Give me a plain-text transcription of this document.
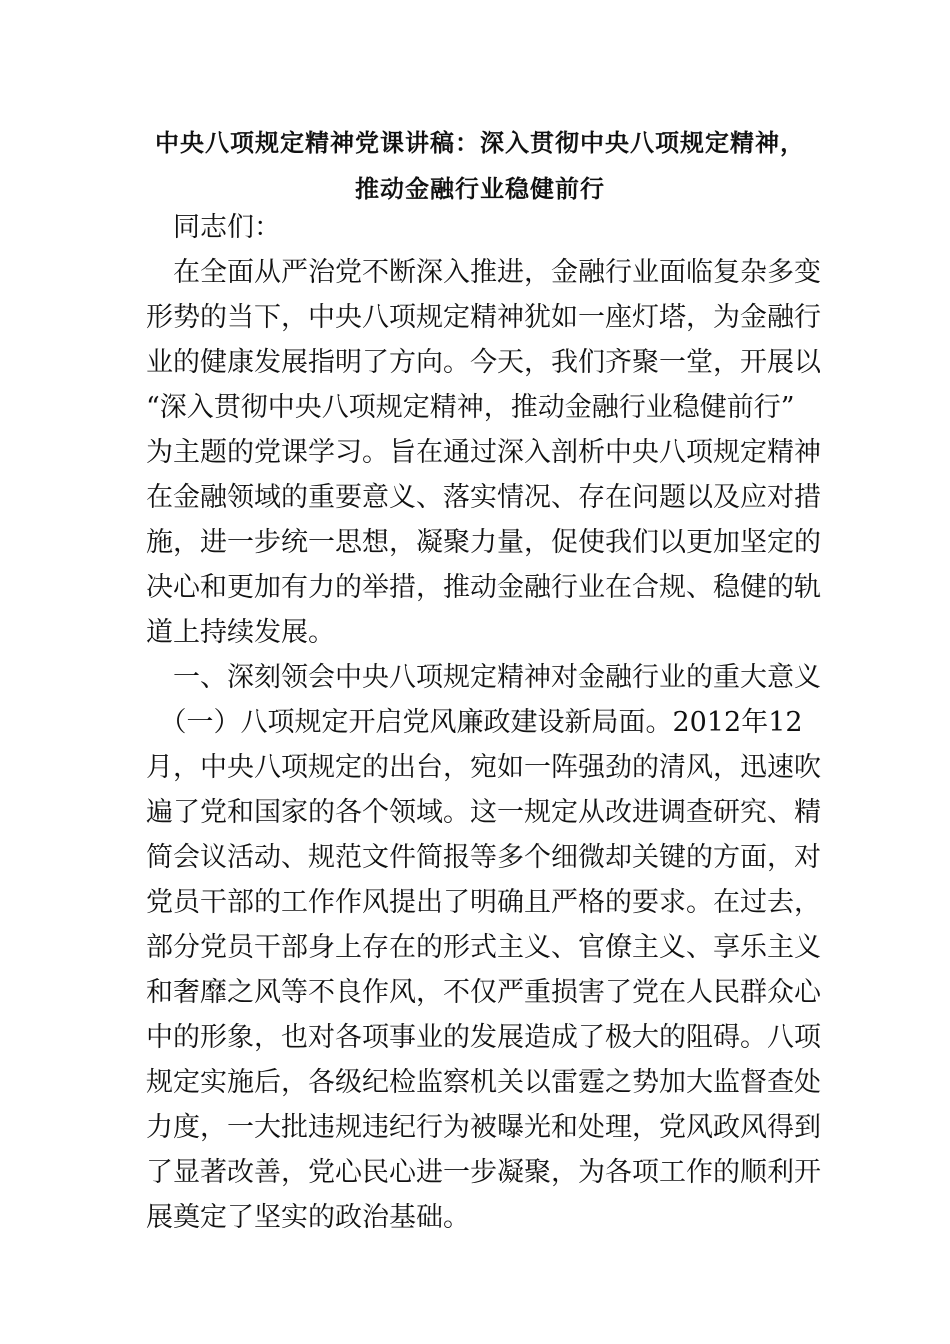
中央八项规定精神党课讲稿：深入贯彻中央八项规定精神，
推动金融行业稳健前行
　同志们：
　在全面从严治党不断深入推进，金融行业面临复杂多变
形势的当下，中央八项规定精神犹如一座灯塔，为金融行
业的健康发展指明了方向。今天，我们齐聚一堂，开展以
“深入贯彻中央八项规定精神，推动金融行业稳健前行”
为主题的党课学习。旨在通过深入剖析中央八项规定精神
在金融领域的重要意义、落实情况、存在问题以及应对措
施，进一步统一思想，凝聚力量，促使我们以更加坚定的
决心和更加有力的举措，推动金融行业在合规、稳健的轨
道上持续发展。
　一、深刻领会中央八项规定精神对金融行业的重大意义
　（一）八项规定开启党风廉政建设新局面。2012年12
月，中央八项规定的出台，宛如一阵强劲的清风，迅速吹
遍了党和国家的各个领域。这一规定从改进调查研究、精
简会议活动、规范文件简报等多个细微却关键的方面，对
党员干部的工作作风提出了明确且严格的要求。在过去，
部分党员干部身上存在的形式主义、官僚主义、享乐主义
和奢靡之风等不良作风，不仅严重损害了党在人民群众心
中的形象，也对各项事业的发展造成了极大的阻碍。八项
规定实施后，各级纪检监察机关以雷霆之势加大监督查处
力度，一大批违规违纪行为被曝光和处理，党风政风得到
了显著改善，党心民心进一步凝聚，为各项工作的顺利开
展奠定了坚实的政治基础。
